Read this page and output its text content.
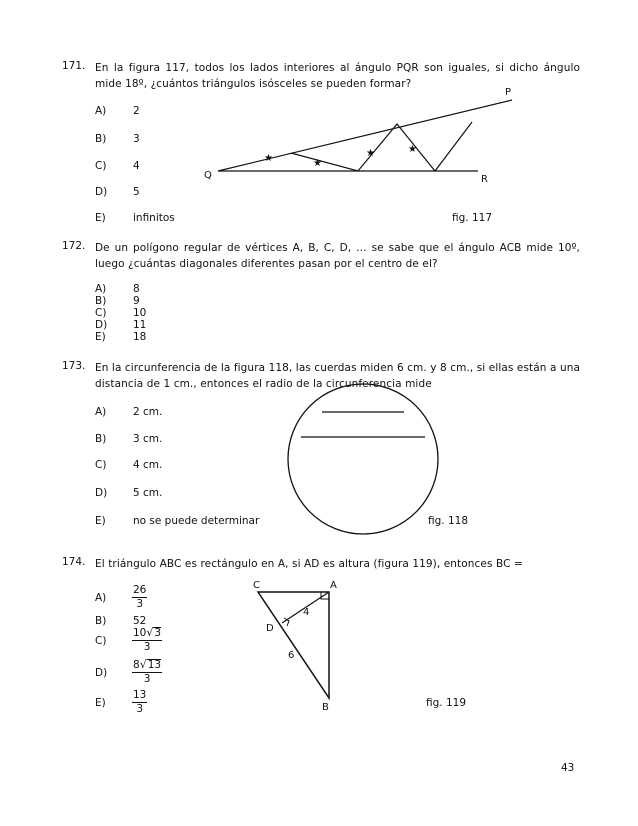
171. En la figura 117, todos los lados interiores al ángulo PQR son iguales, si dicho ángulo mide 18º, ¿cuántos triángulos isósceles se pueden formar?
A)	2
B)	3
C)	4
D) 5
E)	infinitos
★	★
★	★
P
Q	R
fig. 117
172. De un polígono regular de vértices A, B, C, D, … se sabe que el ángulo ACB mide 10º, luego ¿cuántas diagonales diferentes pasan por el centro de el?
A)	8
B)	9
C)	10
D) 11
E)	18
173. En la circunferencia de la figura 118, las cuerdas miden 6 cm. y 8 cm., si ellas están a una distancia de 1 cm., entonces el radio de la circunferencia mide
A)	2 cm.
B)	3 cm.
C)	4 cm.
D) 5 cm.
E)	no se puede determinar	fig. 118
174. El triángulo ABC es rectángulo en A, si AD es altura (figura 119), entonces BC =
$A) \frac{26}{3}$
B)	52
$C) \frac{10√3}{3}$
$D) \frac{8√13}{3}$
E)	$\frac{13}{3}$
C	A
D
B
4
6
fig. 119
43
